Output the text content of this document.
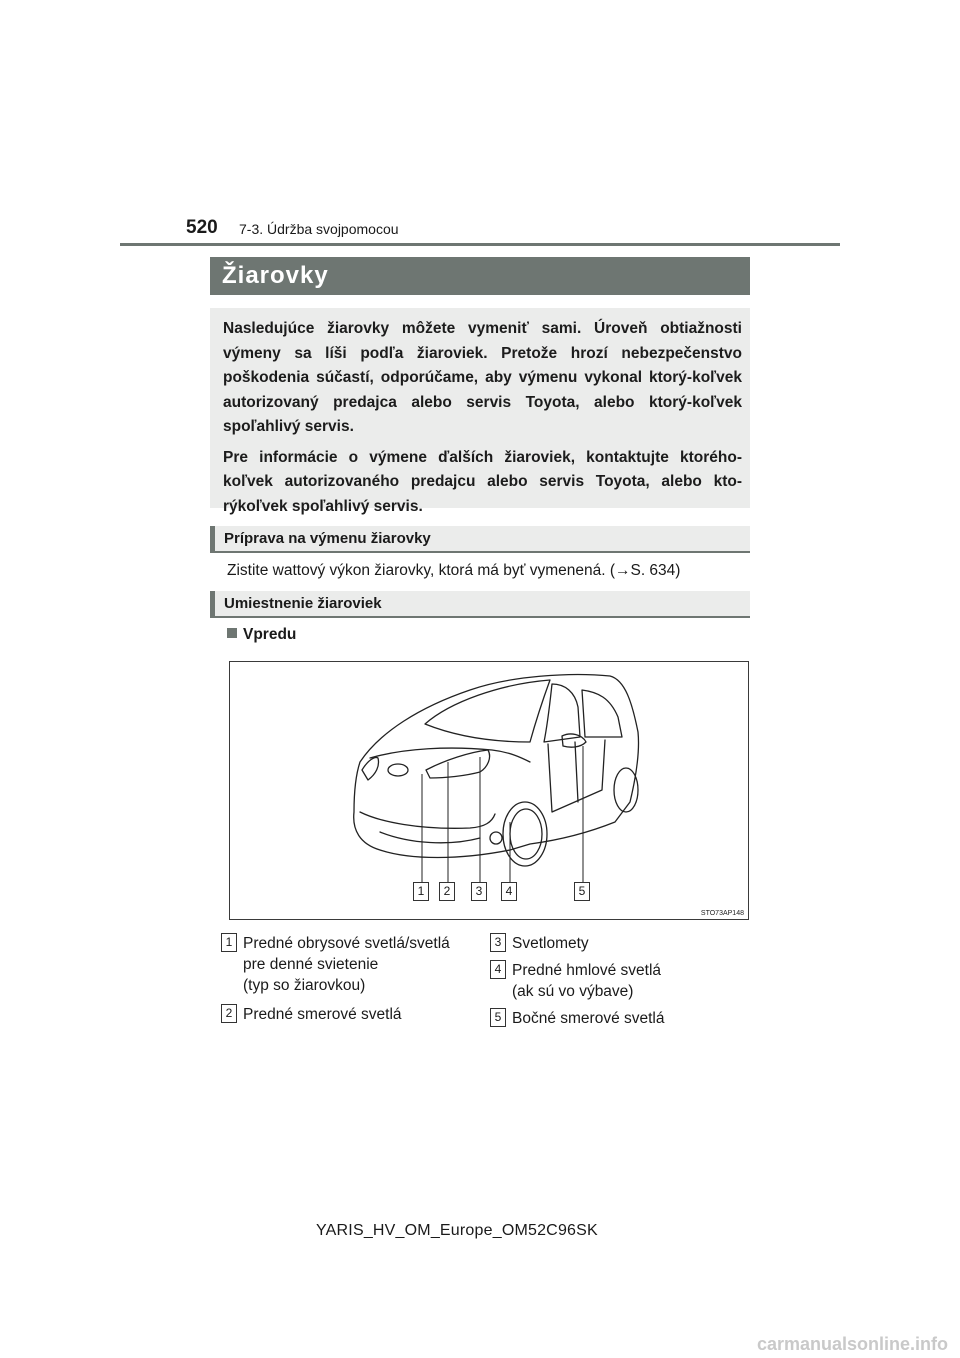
520 7-3. Údržba svojpomocou
Žiarovky

Nasledujúce žiarovky môžete vymeniť sami. Úroveň obtiažnosti výmeny sa líši podľa žiaroviek. Pretože hrozí nebezpečenstvo poškodenia súčastí, odporúčame, aby výmenu vykonal ktorý-koľvek autorizovaný predajca alebo servis Toyota, alebo ktorý-koľvek spoľahlivý servis.

Pre informácie o výmene ďalších žiaroviek, kontaktujte ktorého-koľvek autorizovaného predajcu alebo servis Toyota, alebo kto-rýkoľvek spoľahlivý servis.

Príprava na výmenu žiarovky
Zistite wattový výkon žiarovky, ktorá má byť vymenená. (→S. 634)
Umiestnenie žiaroviek
Vpredu
1	2	3	4	5
STO73AP148
1 Predné obrysové svetlá/svetlá
pre denné svietenie
(typ so žiarovkou)
2 Predné smerové svetlá
3 Svetlomety
4 Predné hmlové svetlá
(ak sú vo výbave)
5 Bočné smerové svetlá
YARIS_HV_OM_Europe_OM52C96SK
carmanualsonline.info
